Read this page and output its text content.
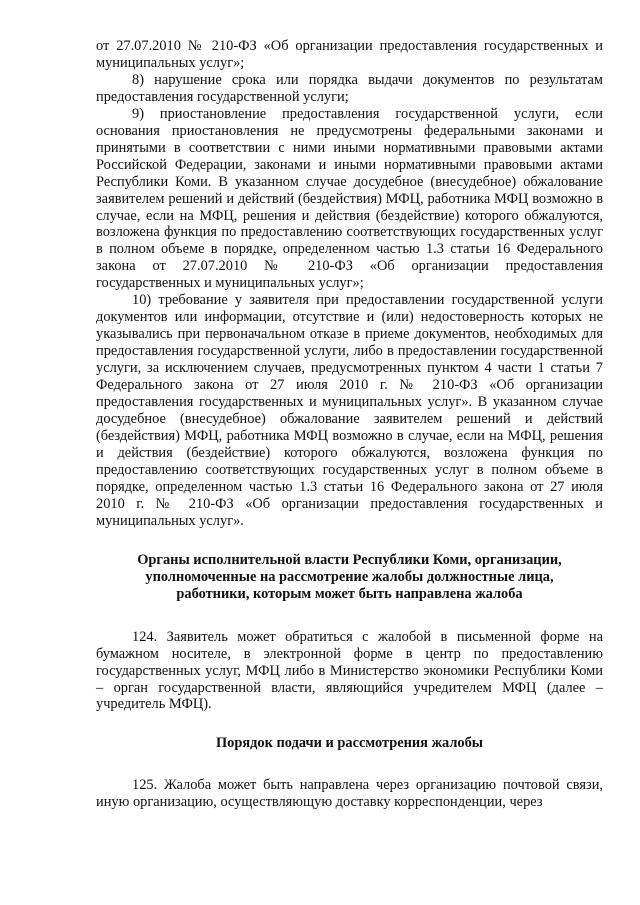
от 27.07.2010 № 210-ФЗ «Об организации предоставления государственных и муниципальных услуг»;

8) нарушение срока или порядка выдачи документов по результатам предоставления государственной услуги;

9) приостановление предоставления государственной услуги, если основания приостановления не предусмотрены федеральными законами и принятыми в соответствии с ними иными нормативными правовыми актами Российской Федерации, законами и иными нормативными правовыми актами Республики Коми. В указанном случае досудебное (внесудебное) обжалование заявителем решений и действий (бездействия) МФЦ, работника МФЦ возможно в случае, если на МФЦ, решения и действия (бездействие) которого обжалуются, возложена функция по предоставлению соответствующих государственных услуг в полном объеме в порядке, определенном частью 1.3 статьи 16 Федерального закона от 27.07.2010 № 210-ФЗ «Об организации предоставления государственных и муниципальных услуг»;

10) требование у заявителя при предоставлении государственной услуги документов или информации, отсутствие и (или) недостоверность которых не указывались при первоначальном отказе в приеме документов, необходимых для предоставления государственной услуги, либо в предоставлении государственной услуги, за исключением случаев, предусмотренных пунктом 4 части 1 статьи 7 Федерального закона от 27 июля 2010 г. № 210-ФЗ «Об организации предоставления государственных и муниципальных услуг». В указанном случае досудебное (внесудебное) обжалование заявителем решений и действий (бездействия) МФЦ, работника МФЦ возможно в случае, если на МФЦ, решения и действия (бездействие) которого обжалуются, возложена функция по предоставлению соответствующих государственных услуг в полном объеме в порядке, определенном частью 1.3 статьи 16 Федерального закона от 27 июля 2010 г. № 210-ФЗ «Об организации предоставления государственных и муниципальных услуг».

Органы исполнительной власти Республики Коми, организации,
уполномоченные на рассмотрение жалобы должностные лица,
работники, которым может быть направлена жалоба

124. Заявитель может обратиться с жалобой в письменной форме на бумажном носителе, в электронной форме в центр по предоставлению государственных услуг, МФЦ либо в Министерство экономики Республики Коми – орган государственной власти, являющийся учредителем МФЦ (далее – учредитель МФЦ).

Порядок подачи и рассмотрения жалобы

125. Жалоба может быть направлена через организацию почтовой связи, иную организацию, осуществляющую доставку корреспонденции, через
